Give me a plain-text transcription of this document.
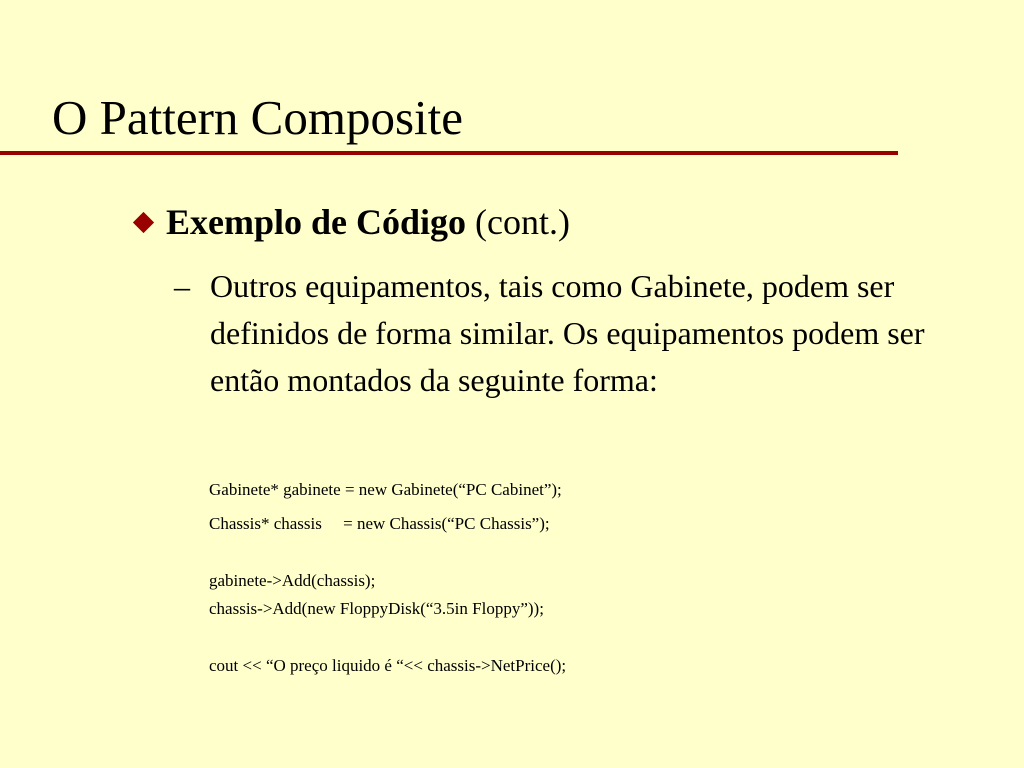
O Pattern Composite
Exemplo de Código (cont.)
– Outros equipamentos, tais como Gabinete, podem ser definidos de forma similar. Os equipamentos podem ser então montados da seguinte forma:
Gabinete* gabinete = new Gabinete(“PC Cabinet”);
Chassis* chassis     = new Chassis(“PC Chassis”);
gabinete->Add(chassis);
chassis->Add(new FloppyDisk(“3.5in Floppy”));
cout << “O preço liquido é “<< chassis->NetPrice();
